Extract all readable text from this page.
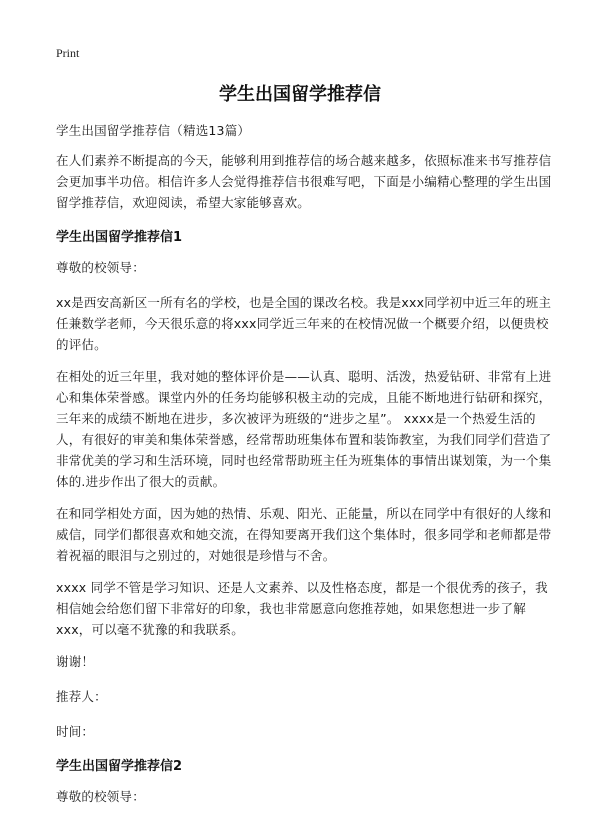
Print
学生出国留学推荐信

学生出国留学推荐信（精选13篇）

在人们素养不断提高的今天，能够利用到推荐信的场合越来越多，依照标准来书写推荐信会更加事半功倍。相信许多人会觉得推荐信书很难写吧，下面是小编精心整理的学生出国留学推荐信，欢迎阅读，希望大家能够喜欢。

学生出国留学推荐信1

尊敬的校领导：

xx是西安高新区一所有名的学校，也是全国的课改名校。我是xxx同学初中近三年的班主任兼数学老师，今天很乐意的将xxx同学近三年来的在校情况做一个概要介绍，以便贵校的评估。

在相处的近三年里，我对她的整体评价是——认真、聪明、活泼，热爱钻研、非常有上进心和集体荣誉感。课堂内外的任务均能够积极主动的完成，且能不断地进行钻研和探究，三年来的成绩不断地在进步，多次被评为班级的“进步之星”。 xxxx是一个热爱生活的人，有很好的审美和集体荣誉感，经常帮助班集体布置和装饰教室，为我们同学们营造了非常优美的学习和生活环境，同时也经常帮助班主任为班集体的事情出谋划策，为一个集体的.进步作出了很大的贡献。

在和同学相处方面，因为她的热情、乐观、阳光、正能量，所以在同学中有很好的人缘和威信，同学们都很喜欢和她交流，在得知要离开我们这个集体时，很多同学和老师都是带着祝福的眼泪与之别过的，对她很是珍惜与不舍。

xxxx 同学不管是学习知识、还是人文素养、以及性格态度，都是一个很优秀的孩子，我相信她会给您们留下非常好的印象，我也非常愿意向您推荐她，如果您想进一步了解xxx，可以毫不犹豫的和我联系。

谢谢！

推荐人：

时间：

学生出国留学推荐信2

尊敬的校领导：
